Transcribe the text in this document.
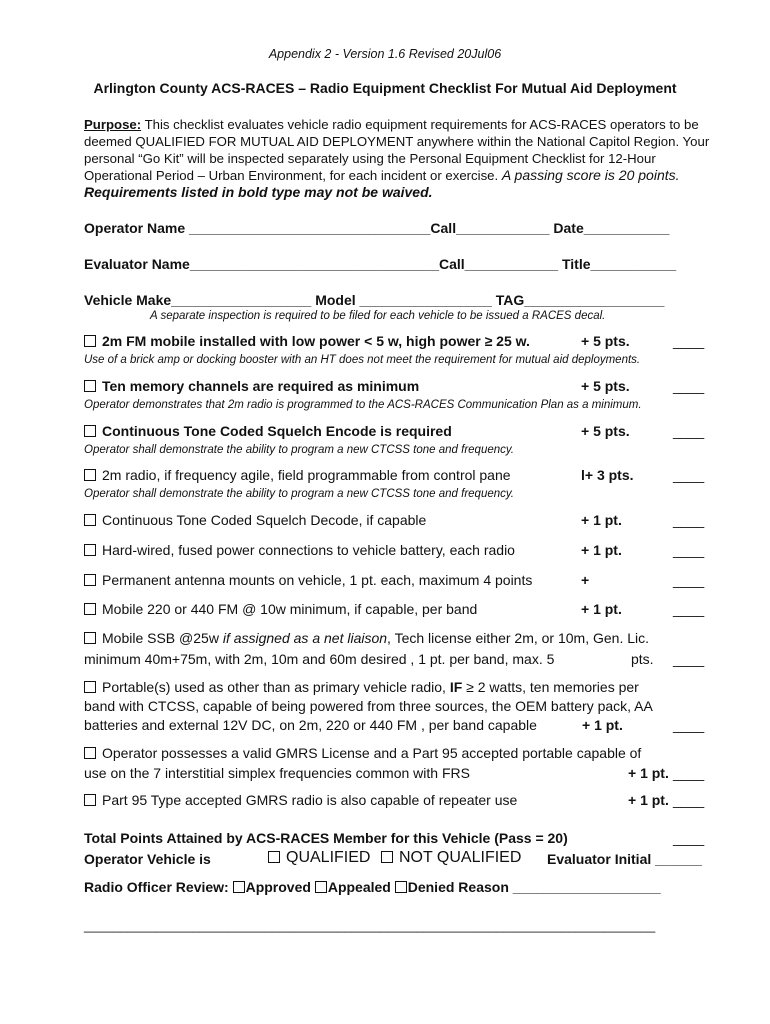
Appendix 2 - Version 1.6 Revised 20Jul06
Arlington County ACS-RACES – Radio Equipment Checklist For Mutual Aid Deployment
Purpose: This checklist evaluates vehicle radio equipment requirements for ACS-RACES operators to be deemed QUALIFIED FOR MUTUAL AID DEPLOYMENT anywhere within the National Capitol Region. Your personal “Go Kit” will be inspected separately using the Personal Equipment Checklist for 12-Hour Operational Period – Urban Environment, for each incident or exercise. A passing score is 20 points. Requirements listed in bold type may not be waived.
Operator Name _______________________________Call____________ Date___________
Evaluator Name________________________________Call____________ Title___________
Vehicle Make__________________ Model _________________ TAG__________________
A separate inspection is required to be filed for each vehicle to be issued a RACES decal.
2m FM mobile installed with low power < 5 w, high power ≥ 25 w.	+ 5 pts.	____
Use of a brick amp or docking booster with an HT does not meet the requirement for mutual aid deployments.
Ten memory channels are required as minimum	+ 5 pts.	____
Operator demonstrates that 2m radio is programmed to the ACS-RACES Communication Plan as a minimum.
Continuous Tone Coded Squelch Encode is required	+ 5 pts.	____
Operator shall demonstrate the ability to program a new CTCSS tone and frequency.
2m radio, if frequency agile, field programmable from control pane	l+ 3 pts.	____
Operator shall demonstrate the ability to program a new CTCSS tone and frequency.
Continuous Tone Coded Squelch Decode, if capable	+ 1 pt.	____
Hard-wired, fused power connections to vehicle battery, each radio	+ 1 pt.	____
Permanent antenna mounts on vehicle, 1 pt. each, maximum 4 points	+	____
Mobile 220 or 440 FM @ 10w minimum, if capable, per band	+ 1 pt.	____
Mobile SSB @25w if assigned as a net liaison, Tech license either 2m, or 10m, Gen. Lic.
minimum 40m+75m, with 2m, 10m and 60m desired , 1 pt. per band, max. 5	pts. ____
Portable(s) used as other than as primary vehicle radio, IF ≥ 2 watts, ten memories per
band with CTCSS, capable of being powered from three sources, the OEM battery pack, AA
batteries and external 12V DC, on 2m, 220 or 440 FM , per band capable	+ 1 pt.	____
Operator possesses a valid GMRS License and a Part 95 accepted portable capable of
use on the 7 interstitial simplex frequencies common with FRS	+ 1 pt. ____
Part 95 Type accepted GMRS radio is also capable of repeater use	+ 1 pt. ____
Total Points Attained by ACS-RACES Member for this Vehicle (Pass = 20)	____
Operator Vehicle is	QUALIFIED	NOT QUALIFIED Evaluator Initial ______
Radio Officer Review: Approved Appealed Denied Reason ___________________
_______________________________________________________________________________
